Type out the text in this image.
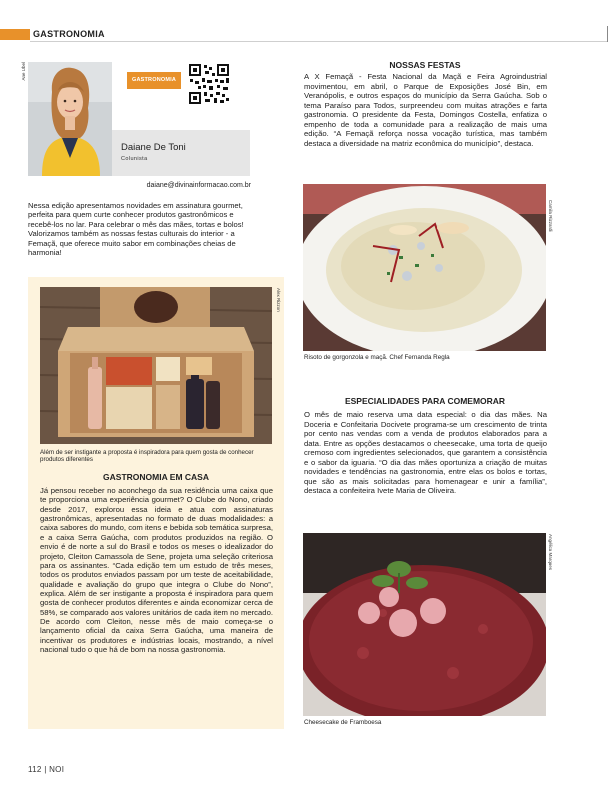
GASTRONOMIA
Ane Ubel	GASTRONOMIA
Daiane De Toni
Colunista
daiane@divinainformacao.com.br
Nessa edição apresentamos novidades em assinatura gourmet, perfeita para quem curte conhecer produtos gastronômicos e recebê-los no lar. Para celebrar o mês das mães, tortas e bolos! Valorizamos também as nossas festas culturais do interior - a Femaçã, que oferece muito sabor em combinações cheias de harmonia!
Alex Rizzon
Além de ser instigante a proposta é inspiradora para quem gosta de conhecer produtos diferentes
GASTRONOMIA EM CASA
Já pensou receber no aconchego da sua residência uma caixa que te proporciona uma experiência gourmet? O Clube do Nono, criado desde 2017, explorou essa ideia e atua com assinaturas gastronômicas, apresentadas no formato de duas modalidades: a caixa sabores do mundo, com itens e bebida sob temática surpresa, e a caixa Serra Gaúcha, com produtos produzidos na região. O envio é de norte a sul do Brasil e todos os meses o idealizador do projeto, Cleiton Camassola de Sene, projeta uma seleção criteriosa para os assinantes. “Cada edição tem um estudo de três meses, todos os produtos enviados passam por um teste de aceitabilidade, qualidade e avaliação do grupo que integra o Clube do Nono”, explica. Além de ser instigante a proposta é inspiradora para quem gosta de conhecer produtos diferentes e ainda economizar cerca de 58%, se comparado aos valores unitários de cada item no mercado. De acordo com Cleiton, nesse mês de maio começa-se o lançamento oficial da caixa Serra Gaúcha, uma maneira de incentivar os produtores e indústrias locais, mostrando, a nível nacional tudo o que há de bom na nossa gastronomia.
NOSSAS FESTAS
A X Femaçã - Festa Nacional da Maçã e Feira Agroindustrial movimentou, em abril, o Parque de Exposições José Bin, em Veranópolis, e outros espaços do município da Serra Gaúcha. Sob o tema Paraíso para Todos, surpreendeu com muitas atrações e farta gastronomia. O presidente da Festa, Domingos Costella, enfatiza o empenho de toda a comunidade para a realização de mais uma edição. “A Femaçã reforça nossa vocação turística, mas também destaca a diversidade na matriz econômica do município”, destaca.
Camila Rizzardi
Risoto de gorgonzola e maçã. Chef Fernanda Regla
ESPECIALIDADES PARA COMEMORAR
O mês de maio reserva uma data especial: o dia das mães. Na Doceria e Confeitaria Docivete programa-se um crescimento de trinta por cento nas vendas com a venda de produtos elaborados para a data. Entre as opções destacamos o cheesecake, uma torta de queijo cremoso com ingredientes selecionados, que garantem a consistência e o sabor da iguaria. “O dia das mães oportuniza a criação de muitas novidades e tendências na gastronomia, entre elas os bolos e tortas, que são as mais solicitadas para homenagear e unir a família”, destaca a confeiteira Ivete Maria de Oliveira.
Angélica Marques
Cheesecake de Framboesa
112 | NOI
